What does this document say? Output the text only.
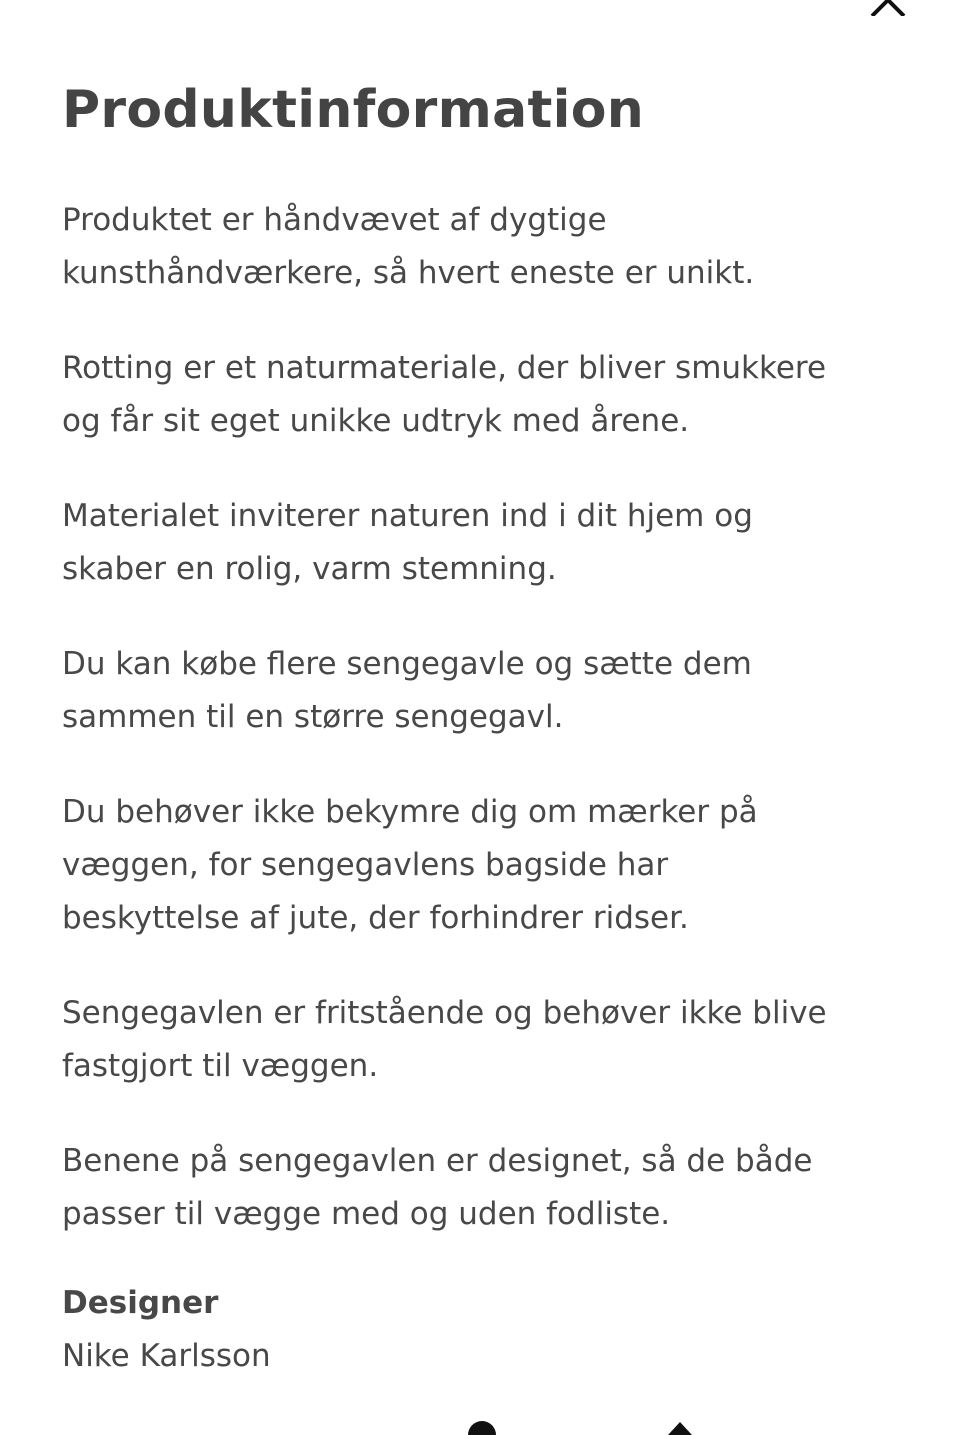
Produktinformation

Produktet er håndvævet af dygtige
kunsthåndværkere, så hvert eneste er unikt.

Rotting er et naturmateriale, der bliver smukkere
og får sit eget unikke udtryk med årene.

Materialet inviterer naturen ind i dit hjem og
skaber en rolig, varm stemning.

Du kan købe flere sengegavle og sætte dem
sammen til en større sengegavl.

Du behøver ikke bekymre dig om mærker på
væggen, for sengegavlens bagside har
beskyttelse af jute, der forhindrer ridser.

Sengegavlen er fritstående og behøver ikke blive
fastgjort til væggen.

Benene på sengegavlen er designet, så de både
passer til vægge med og uden fodliste.

Designer
Nike Karlsson
